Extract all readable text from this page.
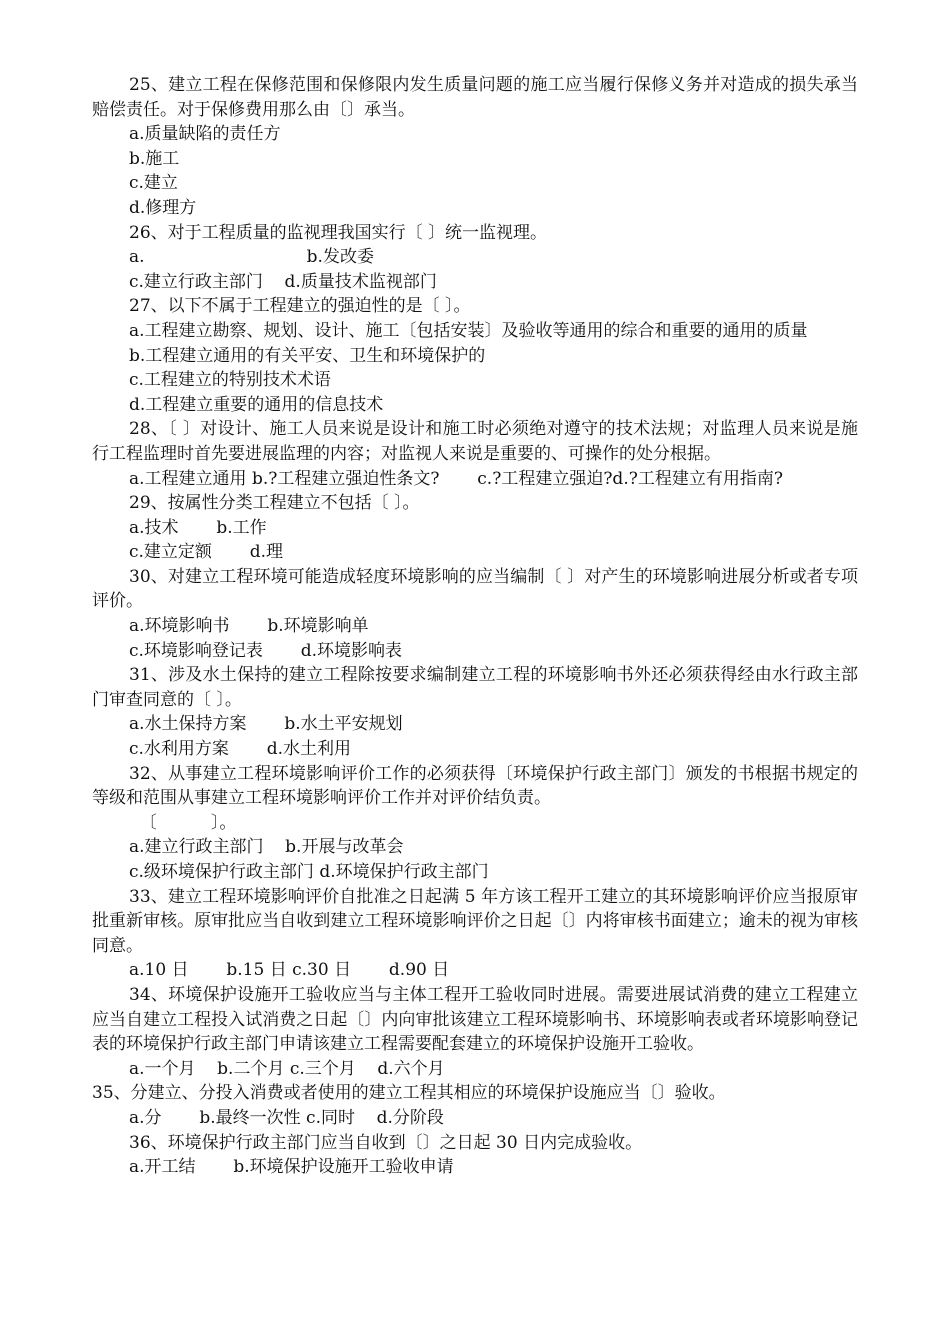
25、建立工程在保修范围和保修限内发生质量问题的施工应当履行保修义务并对造成的损失承当赔偿责任。对于保修费用那么由〔〕承当。

a.质量缺陷的责任方

b.施工

c.建立

d.修理方

26、对于工程质量的监视理我国实行〔 〕统一监视理。

a.                              b.发改委

c.建立行政主部门    d.质量技术监视部门

27、以下不属于工程建立的强迫性的是〔 〕。

a.工程建立勘察、规划、设计、施工〔包括安装〕及验收等通用的综合和重要的通用的质量

b.工程建立通用的有关平安、卫生和环境保护的

c.工程建立的特别技术术语

d.工程建立重要的通用的信息技术

28、〔 〕对设计、施工人员来说是设计和施工时必须绝对遵守的技术法规；对监理人员来说是施行工程监理时首先要进展监理的内容；对监视人来说是重要的、可操作的处分根据。

a.工程建立通用 b.?工程建立强迫性条文?       c.?工程建立强迫?d.?工程建立有用指南?

29、按属性分类工程建立不包括〔 〕。

a.技术       b.工作

c.建立定额       d.理

30、对建立工程环境可能造成轻度环境影响的应当编制〔 〕对产生的环境影响进展分析或者专项评价。

a.环境影响书       b.环境影响单

c.环境影响登记表       d.环境影响表

31、涉及水土保持的建立工程除按要求编制建立工程的环境影响书外还必须获得经由水行政主部门审查同意的〔 〕。

a.水土保持方案       b.水土平安规划

c.水利用方案       d.水土利用

32、从事建立工程环境影响评价工作的必须获得〔环境保护行政主部门〕颁发的书根据书规定的等级和范围从事建立工程环境影响评价工作并对评价结负责。

〔          〕。

a.建立行政主部门    b.开展与改革会

c.级环境保护行政主部门 d.环境保护行政主部门

33、建立工程环境影响评价自批准之日起满 5 年方该工程开工建立的其环境影响评价应当报原审批重新审核。原审批应当自收到建立工程环境影响评价之日起〔〕内将审核书面建立；逾未的视为审核同意。

a.10 日       b.15 日 c.30 日       d.90 日

34、环境保护设施开工验收应当与主体工程开工验收同时进展。需要进展试消费的建立工程建立应当自建立工程投入试消费之日起〔〕内向审批该建立工程环境影响书、环境影响表或者环境影响登记表的环境保护行政主部门申请该建立工程需要配套建立的环境保护设施开工验收。

a.一个月    b.二个月 c.三个月    d.六个月

35、分建立、分投入消费或者使用的建立工程其相应的环境保护设施应当〔〕验收。

a.分       b.最终一次性 c.同时    d.分阶段

36、环境保护行政主部门应当自收到〔〕之日起 30 日内完成验收。

a.开工结       b.环境保护设施开工验收申请
